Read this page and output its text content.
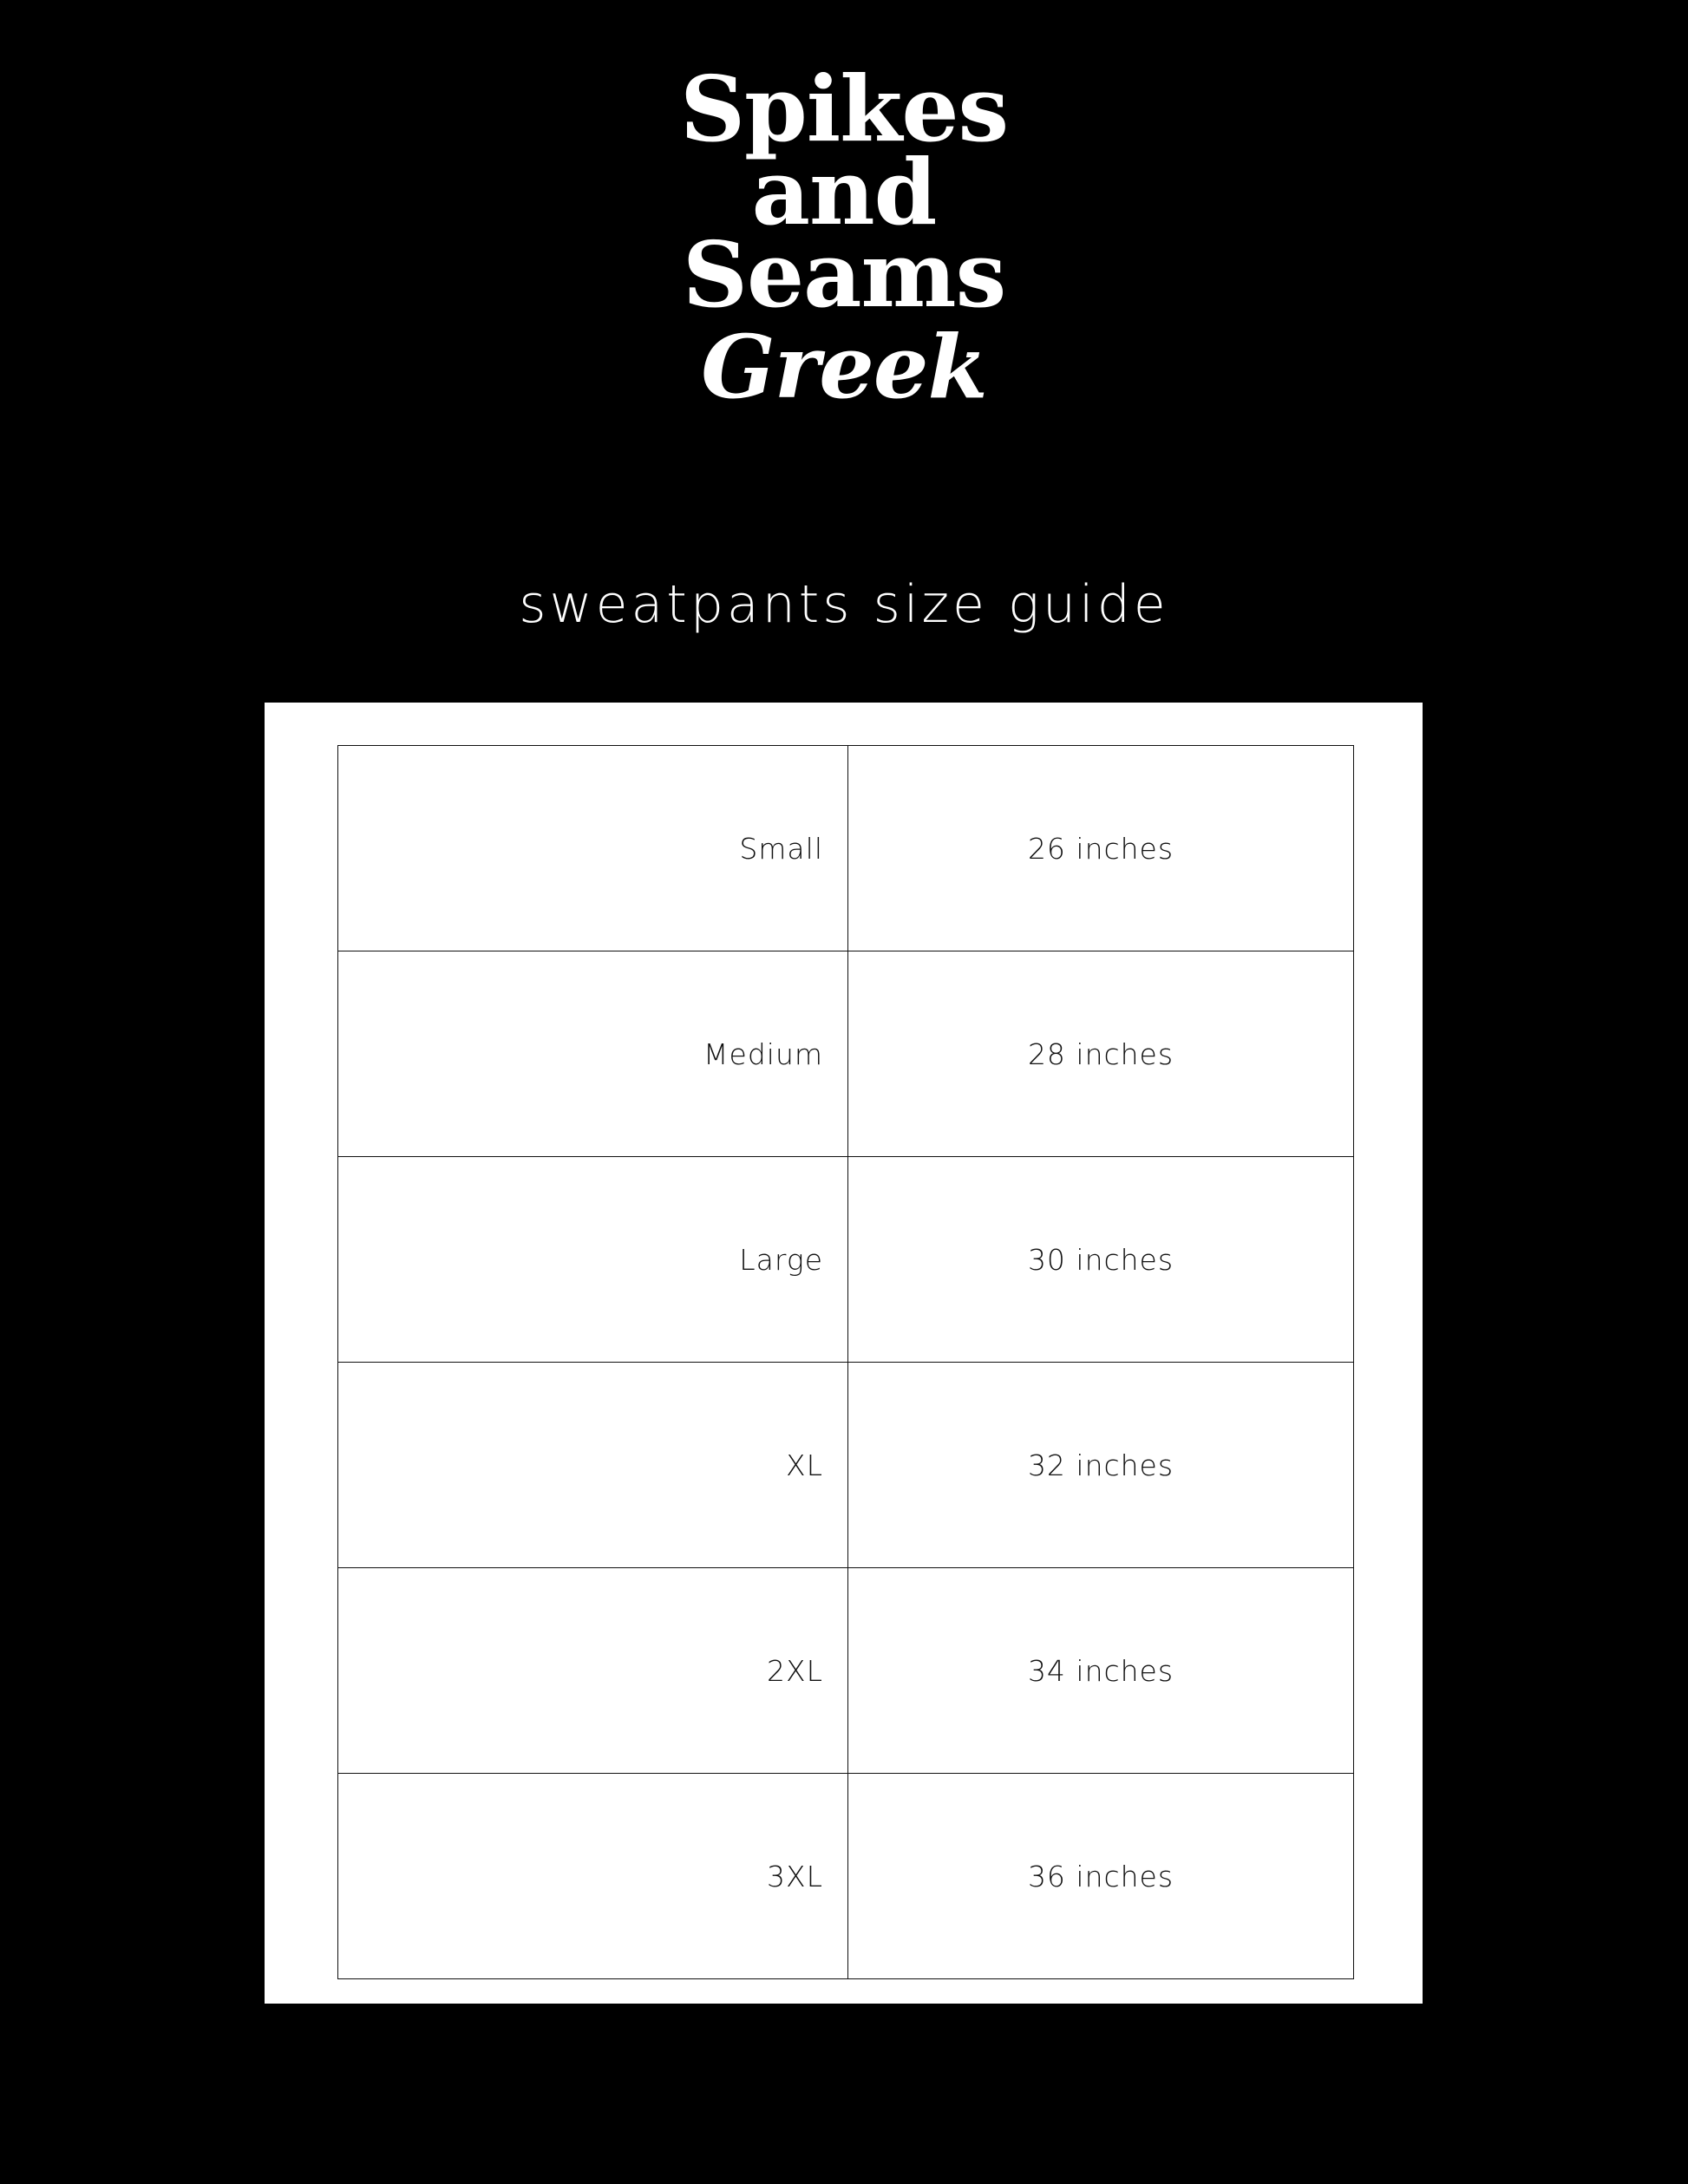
Spikes
and
Seams
Greek
sweatpants size guide
Small	26 inches
Medium	28 inches
Large	30 inches
XL	32 inches
2XL	34 inches
3XL	36 inches
